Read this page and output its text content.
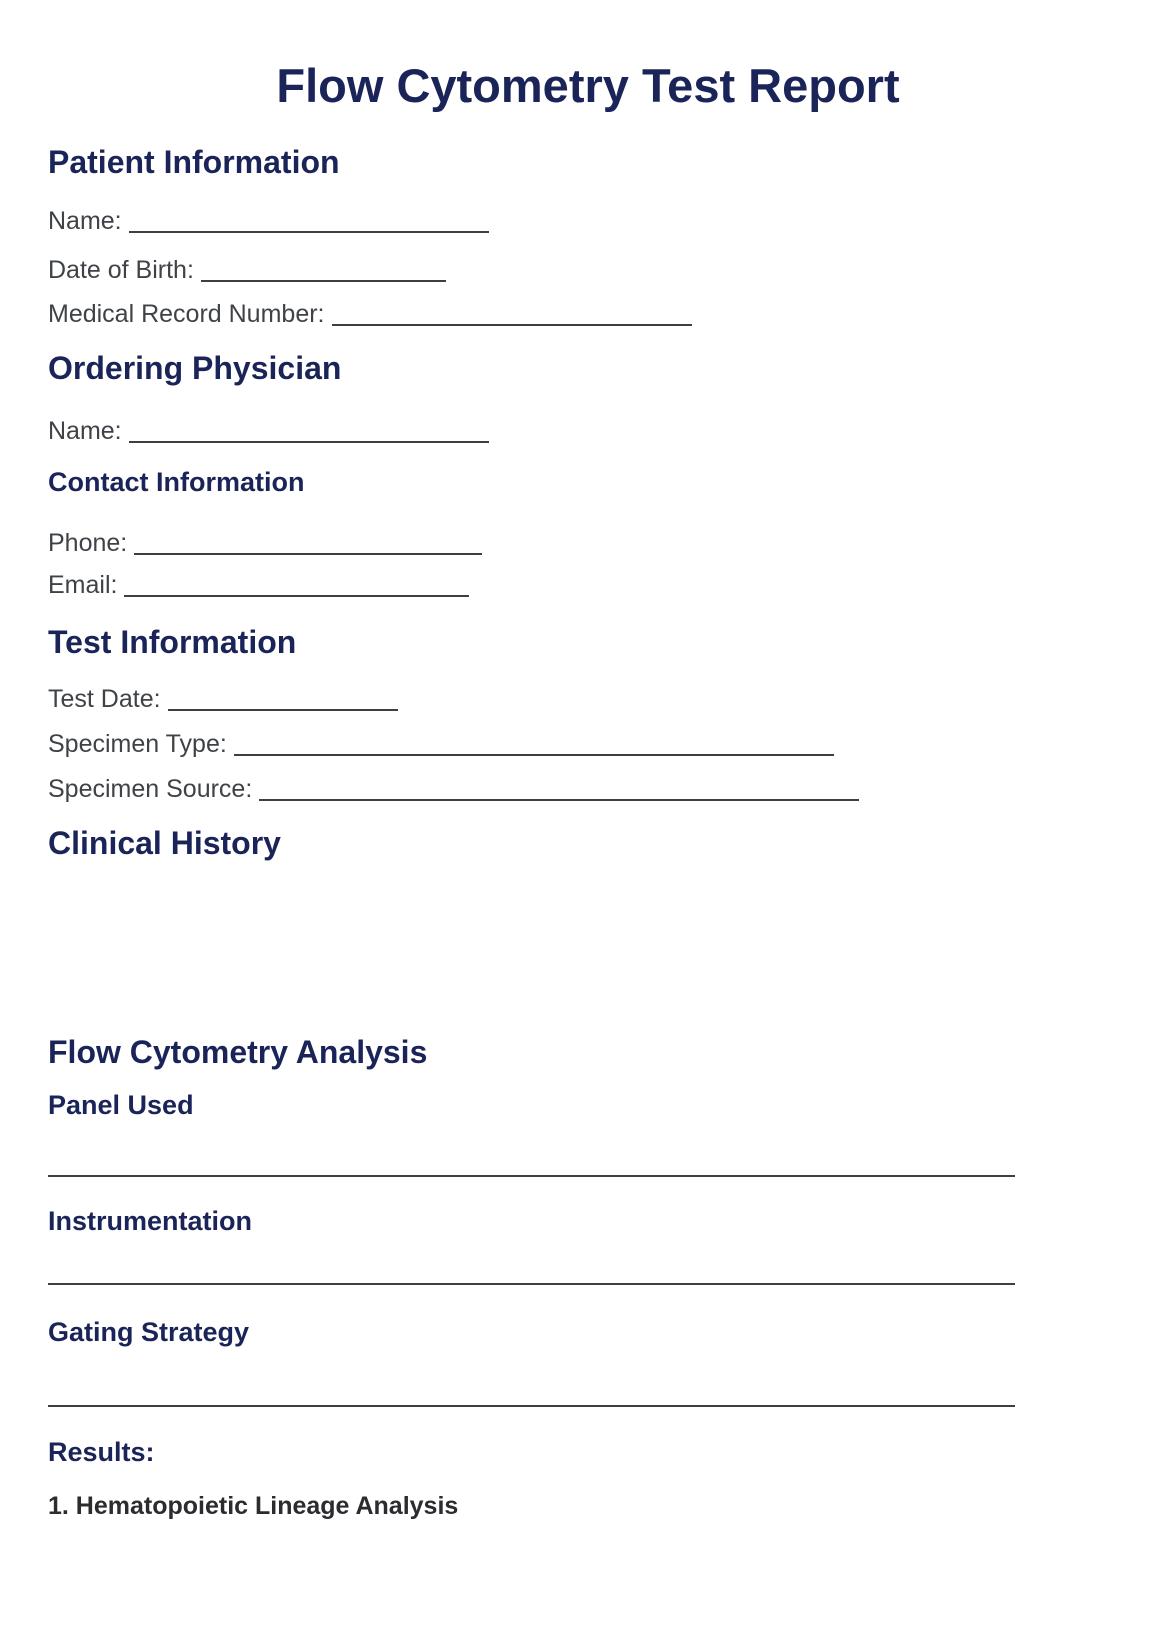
Flow Cytometry Test Report
Patient Information

Name:

Date of Birth:

Medical Record Number:

Ordering Physician

Name:

Contact Information

Phone:

Email:

Test Information

Test Date:

Specimen Type:

Specimen Source:

Clinical History
Flow Cytometry Analysis
Panel Used
Instrumentation
Gating Strategy
Results:

1. Hematopoietic Lineage Analysis
